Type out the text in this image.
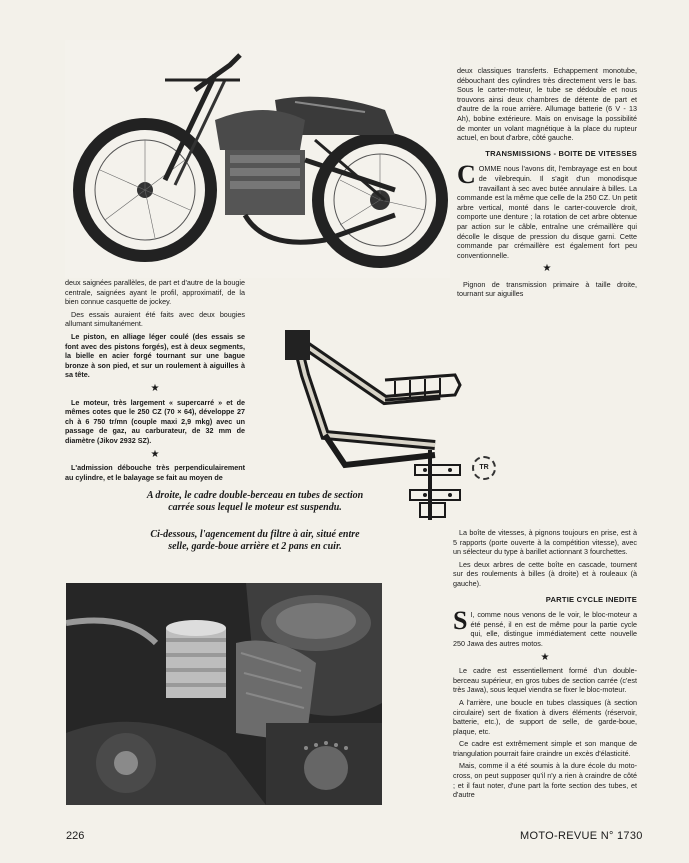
deux saignées parallèles, de part et d'autre de la bougie centrale, saignées ayant le profil, approximatif, de la bien connue casquette de jockey.

Des essais auraient été faits avec deux bougies allumant simultanément.

Le piston, en alliage léger coulé (des essais se font avec des pistons forgés), est à deux segments, la bielle en acier forgé tournant sur une bague bronze à son pied, et sur un roulement à aiguilles à sa tête.

★

Le moteur, très largement « supercarré » et de mêmes cotes que le 250 CZ (70 × 64), développe 27 ch à 6 750 tr/mn (couple maxi 2,9 mkg) avec un passage de gaz, au carburateur, de 32 mm de diamètre (Jikov 2932 SZ).

★

L'admission débouche très perpendiculairement au cylindre, et le balayage se fait au moyen de

TR
A droite, le cadre double-berceau en tubes de section carrée sous lequel le moteur est suspendu.
Ci-dessous, l'agencement du filtre à air, situé entre selle, garde-boue arrière et 2 pans en cuir.

deux classiques transferts. Echappement monotube, débouchant des cylindres très directement vers le bas. Sous le carter-moteur, le tube se dédouble et nous trouvons ainsi deux chambres de détente de part et d'autre de la roue arrière. Allumage batterie (6 V - 13 Ah), bobine extérieure. Mais on envisage la possibilité de monter un volant magnétique à la place du rupteur actuel, en bout d'arbre, côté gauche.

TRANSMISSIONS - BOITE DE VITESSES
C OMME nous l'avons dit, l'embrayage est en bout de vilebrequin. Il s'agit d'un monodisque travaillant à sec avec butée annulaire à billes. La commande est la même que celle de la 250 CZ. Un petit arbre vertical, monté dans le carter-couvercle droit, comporte une denture ; la rotation de cet arbre obtenue par action sur le câble, entraîne une crémaillère qui décolle le disque de pression du disque garni. Cette commande par crémaillère est également fort peu conventionnelle.
★

Pignon de transmission primaire à taille droite, tournant sur aiguilles

La boîte de vitesses, à pignons toujours en prise, est à 5 rapports (porte ouverte à la compétition vitesse), avec un sélecteur du type à barillet actionnant 3 fourchettes.

Les deux arbres de cette boîte en cascade, tournent sur des roulements à billes (à droite) et à rouleaux (à gauche).

PARTIE CYCLE INEDITE
S I, comme nous venons de le voir, le bloc-moteur a été pensé, il en est de même pour la partie cycle qui, elle, distingue immédiatement cette nouvelle 250 Jawa des autres motos.
★

Le cadre est essentiellement formé d'un double-berceau supérieur, en gros tubes de section carrée (c'est très Jawa), sous lequel viendra se fixer le bloc-moteur.

A l'arrière, une boucle en tubes classiques (à section circulaire) sert de fixation à divers éléments (réservoir, batterie, etc.), de support de selle, de garde-boue, plaque, etc.

Ce cadre est extrêmement simple et son manque de triangulation pourrait faire craindre un excès d'élasticité.

Mais, comme il a été soumis à la dure école du moto-cross, on peut supposer qu'il n'y a rien à craindre de côté ; et il faut noter, d'une part la forte section des tubes, et d'autre

226	MOTO-REVUE N° 1730
